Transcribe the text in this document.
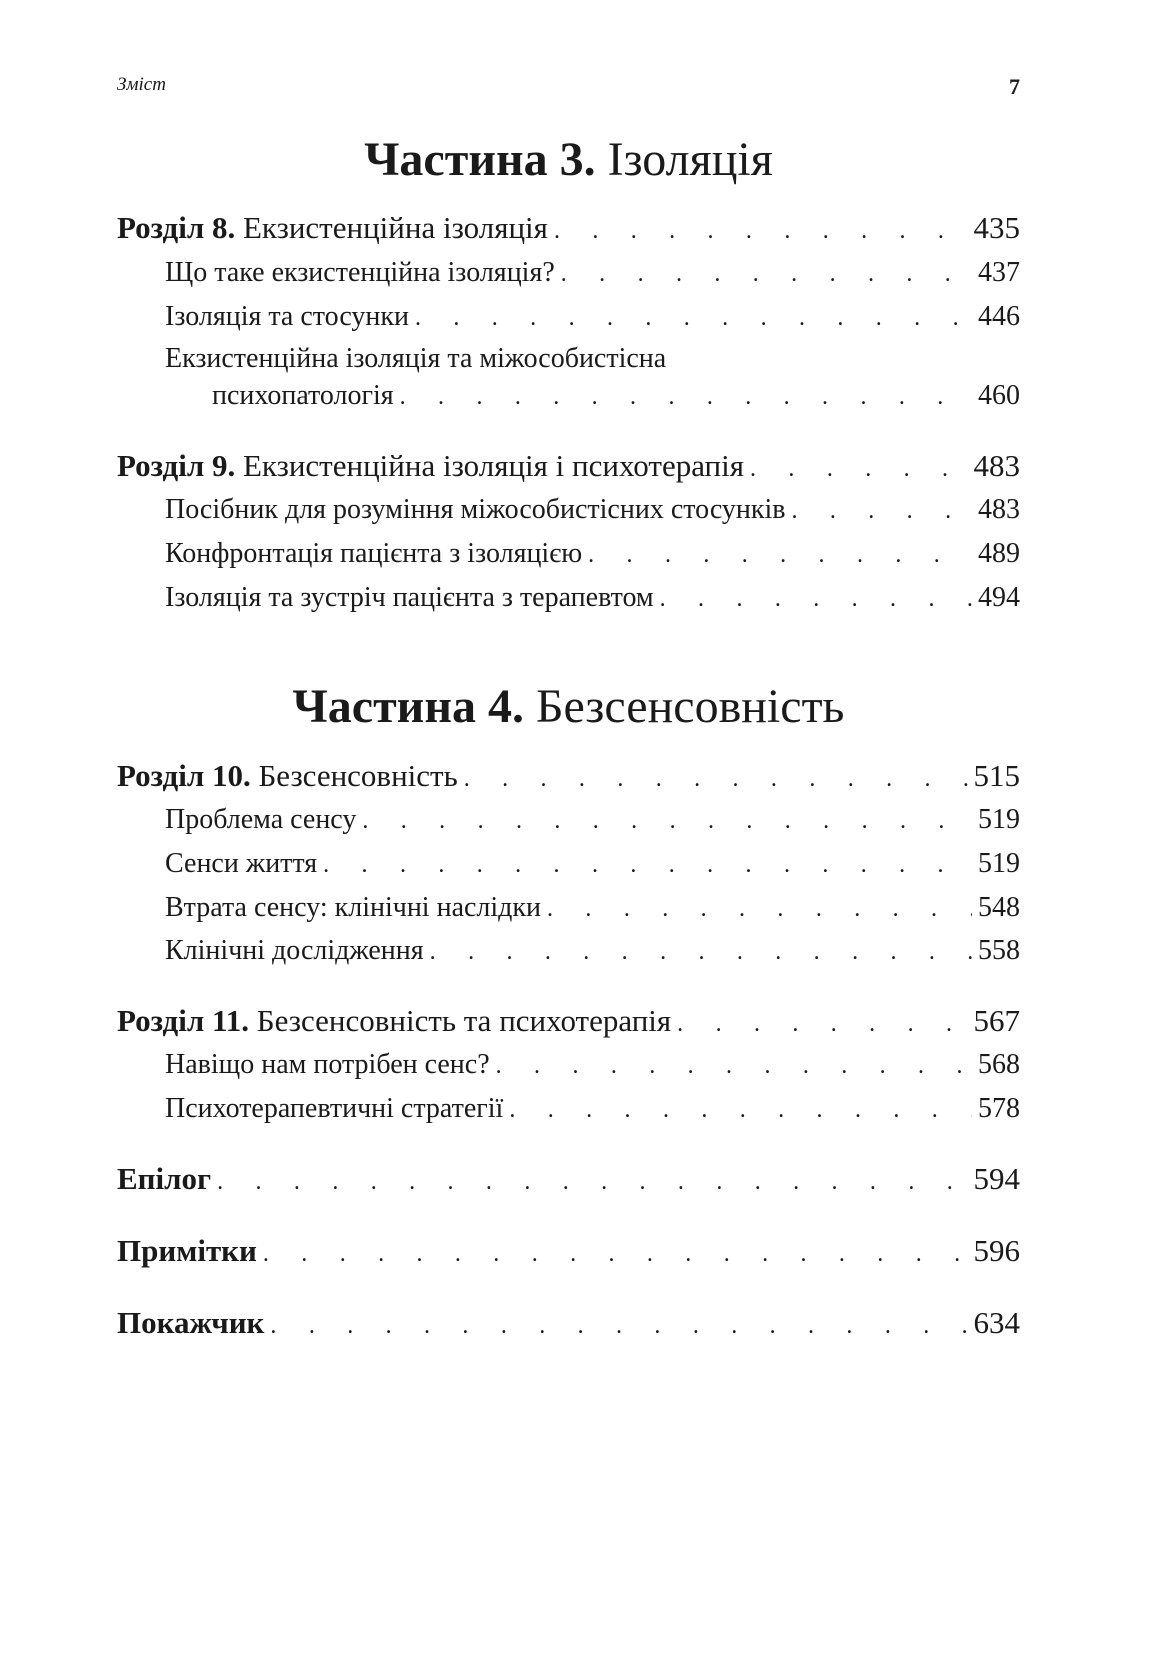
Зміст	7
Частина 3. Ізоляція
Розділ 8. Екзистенційна ізоляція . . .	435
Що таке екзистенційна ізоляція? . . .	437
Ізоляція та стосунки . . .	446
Екзистенційна ізоляція та міжособистісна
психопатологія . . .	460
Розділ 9. Екзистенційна ізоляція і психотерапія . . .	483
Посібник для розуміння міжособистісних стосунків . . .	483
Конфронтація пацієнта з ізоляцією . . .	489
Ізоляція та зустріч пацієнта з терапевтом . . .	494
Частина 4. Безсенсовність
Розділ 10. Безсенсовність . . .	515
Проблема сенсу . . .	519
Сенси життя . . .	519
Втрата сенсу: клінічні наслідки . . .	548
Клінічні дослідження . . .	558
Розділ 11. Безсенсовність та психотерапія . . .	567
Навіщо нам потрібен сенс? . . .	568
Психотерапевтичні стратегії . . .	578
Епілог . . .	594
Примітки . . .	596
Покажчик . . .	634
